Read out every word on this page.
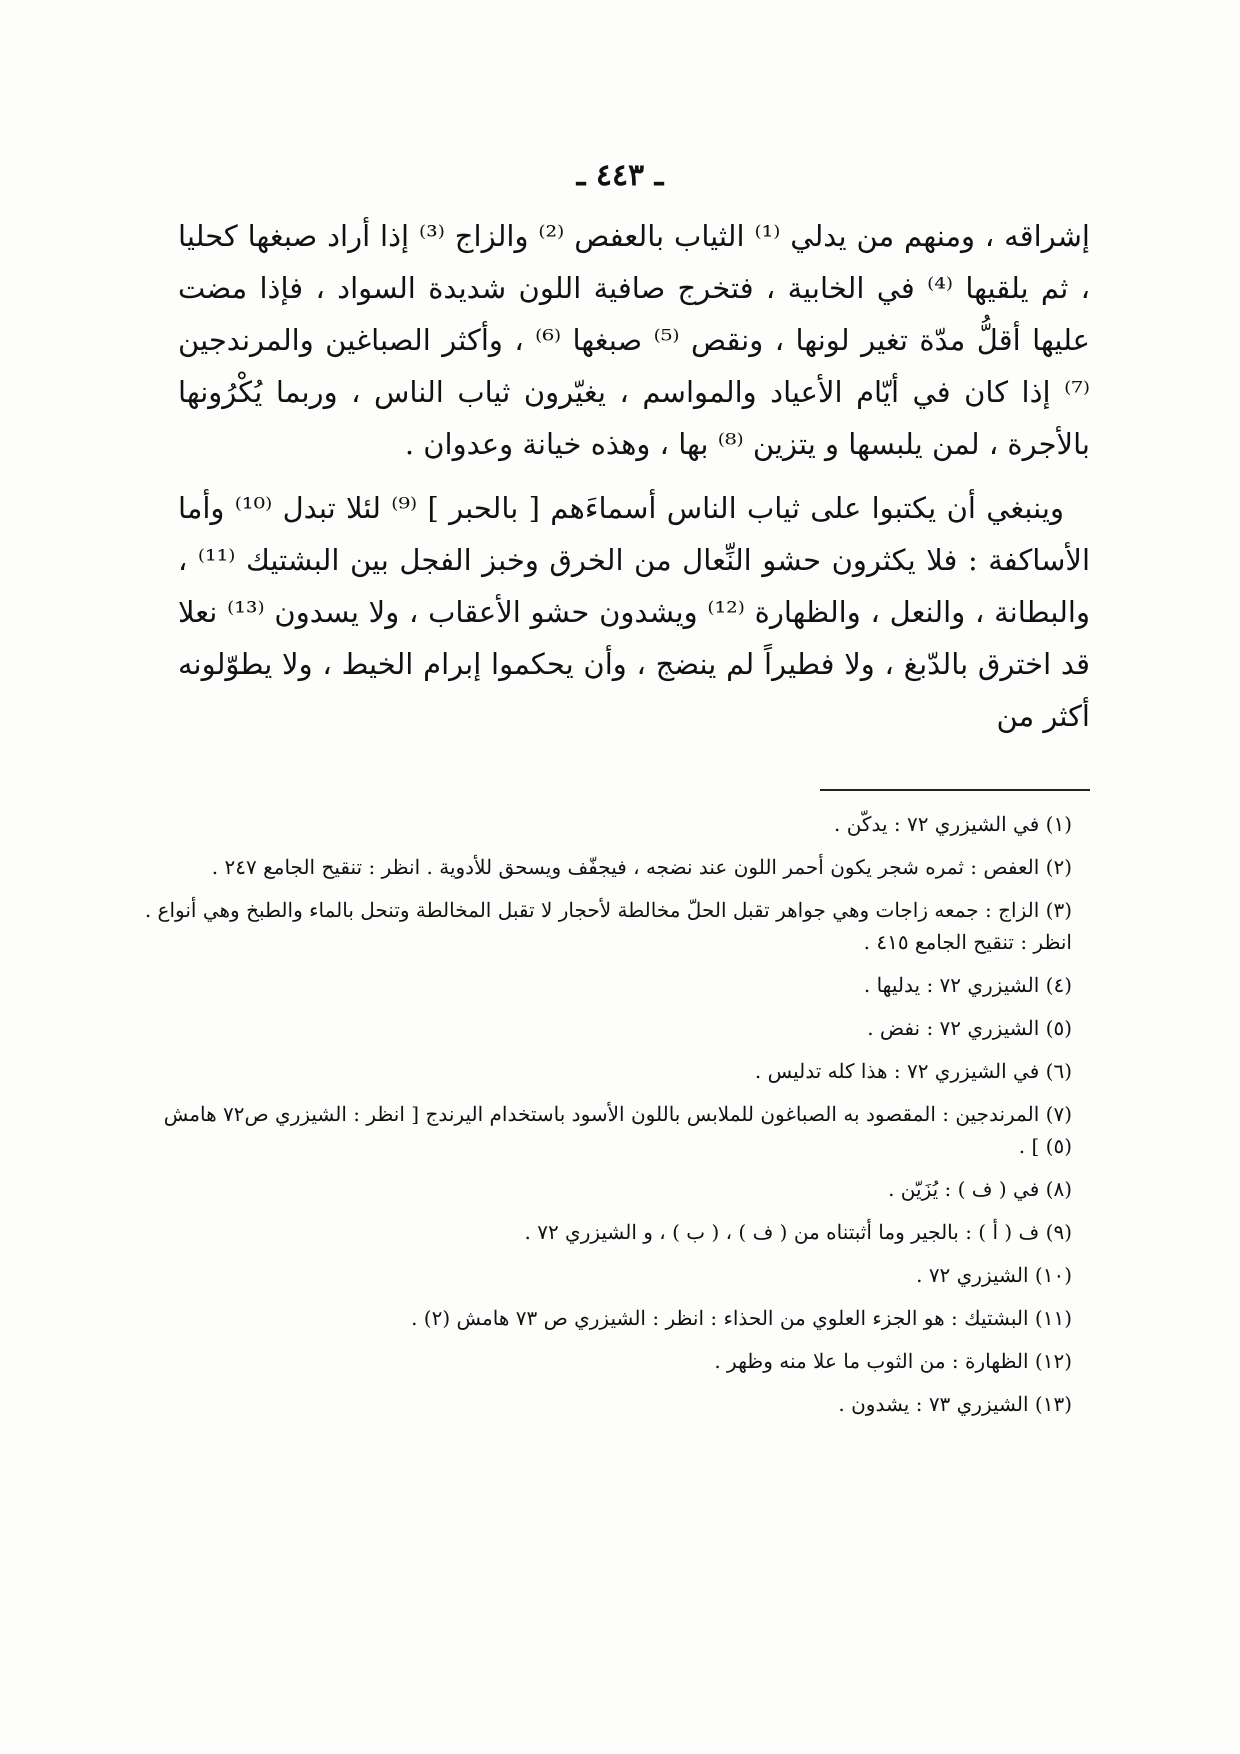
ـ ٤٤٣ ـ

إشراقه ، ومنهم من يدلي ⁽¹⁾ الثياب بالعفص ⁽²⁾ والزاج ⁽³⁾ إذا أراد صبغها كحليا ، ثم يلقيها ⁽⁴⁾ في الخابية ، فتخرج صافية اللون شديدة السواد ، فإذا مضت عليها أقلُّ مدّة تغير لونها ، ونقص ⁽⁵⁾ صبغها ⁽⁶⁾ ، وأكثر الصباغين والمرندجين ⁽⁷⁾ إذا كان في أيّام الأعياد والمواسم ، يغيّرون ثياب الناس ، وربما يُكْرُونها بالأجرة ، لمن يلبسها و يتزين ⁽⁸⁾ بها ، وهذه خيانة وعدوان .

وينبغي أن يكتبوا على ثياب الناس أسماءَهم [ بالحبر ] ⁽⁹⁾ لئلا تبدل ⁽¹⁰⁾ وأما الأساكفة : فلا يكثرون حشو النِّعال من الخرق وخبز الفجل بين البشتيك ⁽¹¹⁾ ، والبطانة ، والنعل ، والظهارة ⁽¹²⁾ ويشدون حشو الأعقاب ، ولا يسدون ⁽¹³⁾ نعلا قد اخترق بالدّبغ ، ولا فطيراً لم ينضج ، وأن يحكموا إبرام الخيط ، ولا يطوّلونه أكثر من

(١) في الشيزري ٧٢ : يدكّن .
(٢) العفص : ثمره شجر يكون أحمر اللون عند نضجه ، فيجفّف ويسحق للأدوية . انظر : تنقيح الجامع ٢٤٧ .
(٣) الزاج : جمعه زاجات وهي جواهر تقبل الحلّ مخالطة لأحجار لا تقبل المخالطة وتنحل بالماء والطبخ وهي أنواع . انظر : تنقيح الجامع ٤١٥ .
(٤) الشيزري ٧٢ : يدليها .
(٥) الشيزري ٧٢ : نفض .
(٦) في الشيزري ٧٢ : هذا كله تدليس .
(٧) المرندجين : المقصود به الصباغون للملابس باللون الأسود باستخدام اليرندج [ انظر : الشيزري ص٧٢ هامش (٥) ] .
(٨) في ( ف ) : يُزَيّن .
(٩) ف ( أ ) : بالجير وما أثبتناه من ( ف ) ، ( ب ) ، و الشيزري ٧٢ .
(١٠) الشيزري ٧٢ .
(١١) البشتيك : هو الجزء العلوي من الحذاء : انظر : الشيزري ص ٧٣ هامش (٢) .
(١٢) الظهارة : من الثوب ما علا منه وظهر .
(١٣) الشيزري ٧٣ : يشدون .
